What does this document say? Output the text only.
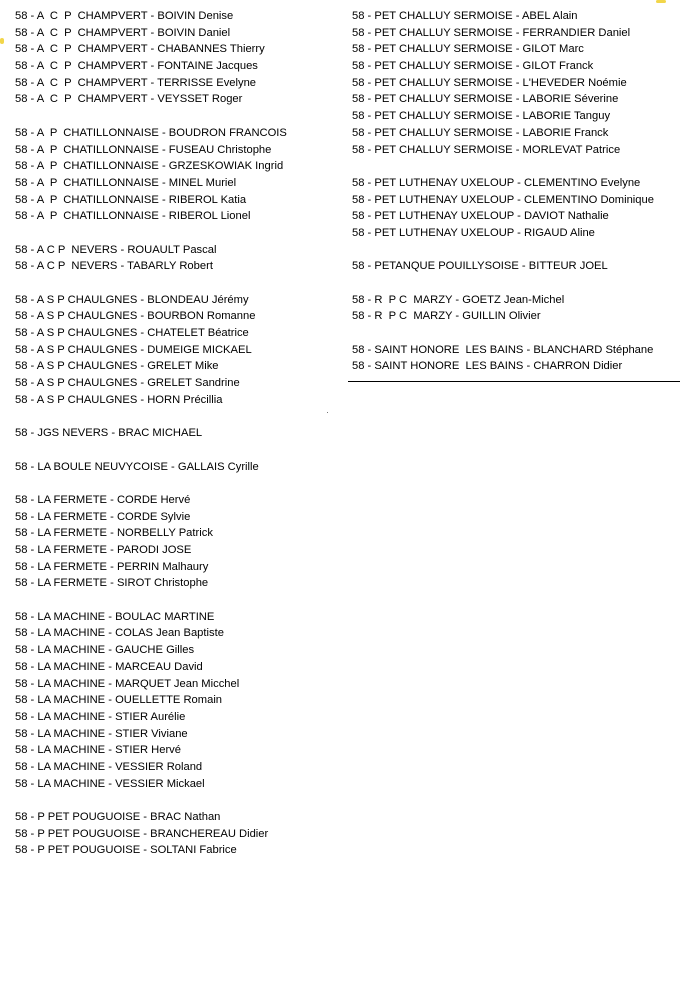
58 - A  C  P  CHAMPVERT - BOIVIN Denise
58 - A  C  P  CHAMPVERT - BOIVIN Daniel
58 - A  C  P  CHAMPVERT - CHABANNES Thierry
58 - A  C  P  CHAMPVERT - FONTAINE Jacques
58 - A  C  P  CHAMPVERT - TERRISSE Evelyne
58 - A  C  P  CHAMPVERT - VEYSSET Roger
58 - A  P  CHATILLONNAISE - BOUDRON FRANCOIS
58 - A  P  CHATILLONNAISE - FUSEAU Christophe
58 - A  P  CHATILLONNAISE - GRZESKOWIAK Ingrid
58 - A  P  CHATILLONNAISE - MINEL Muriel
58 - A  P  CHATILLONNAISE - RIBEROL Katia
58 - A  P  CHATILLONNAISE - RIBEROL Lionel
58 - A C P  NEVERS - ROUAULT Pascal
58 - A C P  NEVERS - TABARLY Robert
58 - A S P CHAULGNES - BLONDEAU Jérémy
58 - A S P CHAULGNES - BOURBON Romanne
58 - A S P CHAULGNES - CHATELET Béatrice
58 - A S P CHAULGNES - DUMEIGE MICKAEL
58 - A S P CHAULGNES - GRELET Mike
58 - A S P CHAULGNES - GRELET Sandrine
58 - A S P CHAULGNES - HORN Précillia
58 - JGS NEVERS - BRAC MICHAEL
58 - LA BOULE NEUVYCOISE - GALLAIS Cyrille
58 - LA FERMETE - CORDE Hervé
58 - LA FERMETE - CORDE Sylvie
58 - LA FERMETE - NORBELLY Patrick
58 - LA FERMETE - PARODI JOSE
58 - LA FERMETE - PERRIN Malhaury
58 - LA FERMETE - SIROT Christophe
58 - LA MACHINE - BOULAC MARTINE
58 - LA MACHINE - COLAS Jean Baptiste
58 - LA MACHINE - GAUCHE Gilles
58 - LA MACHINE - MARCEAU David
58 - LA MACHINE - MARQUET Jean Micchel
58 - LA MACHINE - OUELLETTE Romain
58 - LA MACHINE - STIER Aurélie
58 - LA MACHINE - STIER Viviane
58 - LA MACHINE - STIER Hervé
58 - LA MACHINE - VESSIER Roland
58 - LA MACHINE - VESSIER Mickael
58 - P PET POUGUOISE - BRAC Nathan
58 - P PET POUGUOISE - BRANCHEREAU Didier
58 - P PET POUGUOISE - SOLTANI Fabrice
58 - PET CHALLUY SERMOISE - ABEL Alain
58 - PET CHALLUY SERMOISE - FERRANDIER Daniel
58 - PET CHALLUY SERMOISE - GILOT Marc
58 - PET CHALLUY SERMOISE - GILOT Franck
58 - PET CHALLUY SERMOISE - L'HEVEDER Noémie
58 - PET CHALLUY SERMOISE - LABORIE Séverine
58 - PET CHALLUY SERMOISE - LABORIE Tanguy
58 - PET CHALLUY SERMOISE - LABORIE Franck
58 - PET CHALLUY SERMOISE - MORLEVAT Patrice
58 - PET LUTHENAY UXELOUP - CLEMENTINO Evelyne
58 - PET LUTHENAY UXELOUP - CLEMENTINO Dominique
58 - PET LUTHENAY UXELOUP - DAVIOT Nathalie
58 - PET LUTHENAY UXELOUP - RIGAUD Aline
58 - PETANQUE POUILLYSOISE - BITTEUR JOEL
58 - R  P C  MARZY - GOETZ Jean-Michel
58 - R  P C  MARZY - GUILLIN Olivier
58 - SAINT HONORE  LES BAINS - BLANCHARD Stéphane
58 - SAINT HONORE  LES BAINS - CHARRON Didier
